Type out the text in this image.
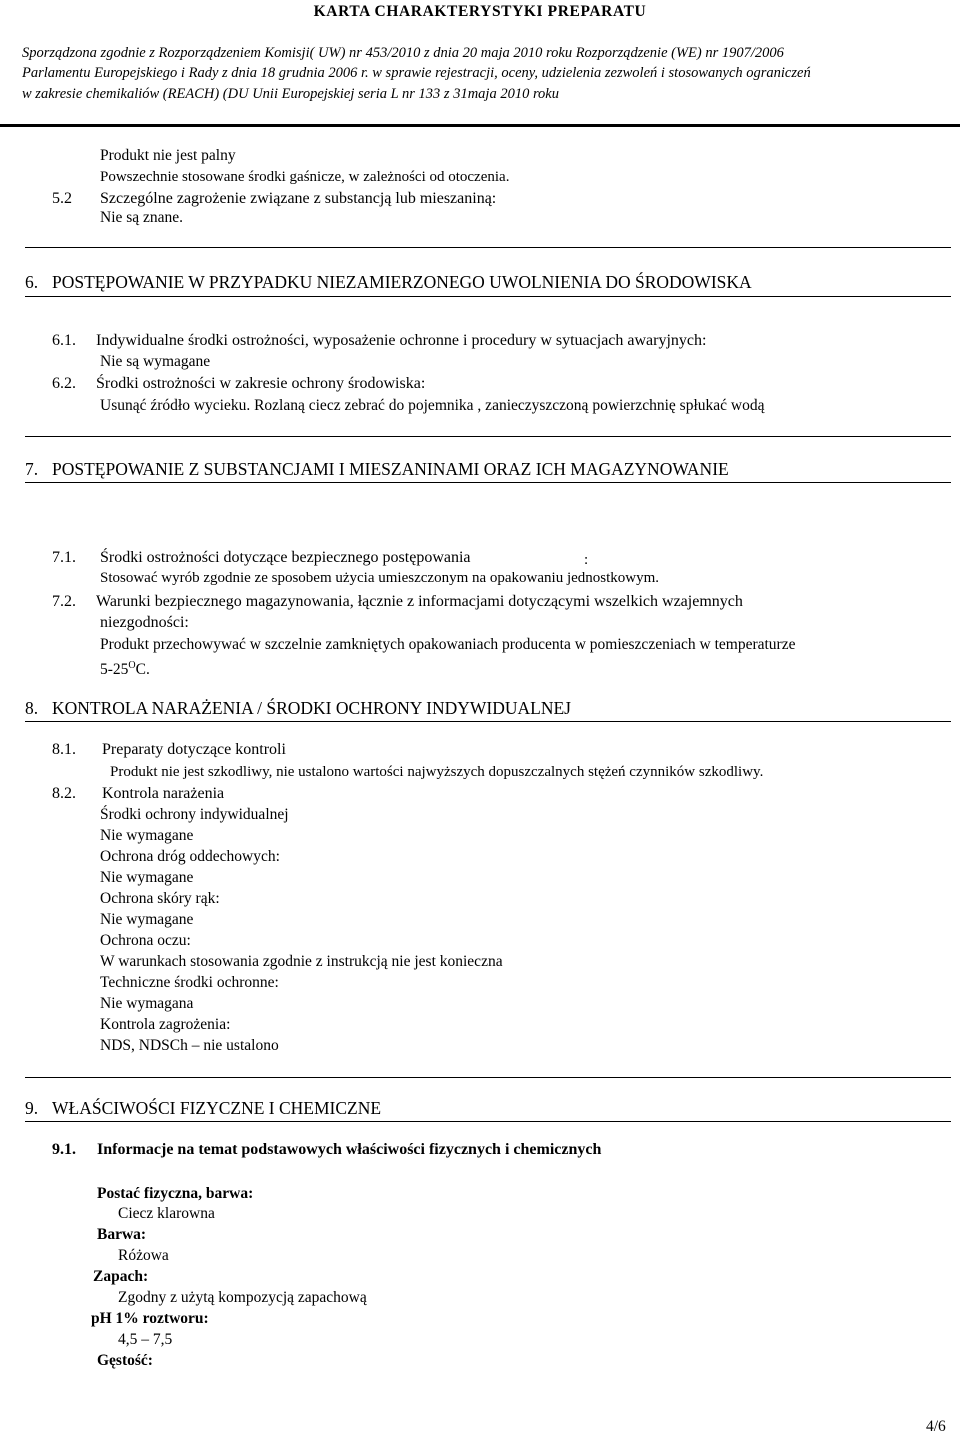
KARTA CHARAKTERYSTYKI PREPARATU
Sporządzona zgodnie z Rozporządzeniem Komisji( UW) nr 453/2010 z dnia 20 maja 2010 roku Rozporządzenie (WE) nr 1907/2006
Parlamentu Europejskiego i Rady z dnia 18 grudnia 2006 r. w sprawie rejestracji, oceny, udzielenia zezwoleń i stosowanych ograniczeń
w zakresie chemikaliów (REACH) (DU Unii Europejskiej seria L nr 133 z 31maja 2010 roku
Produkt nie jest palny
Powszechnie stosowane środki gaśnicze, w zależności od otoczenia.
5.2 Szczególne zagrożenie związane z substancją lub mieszaniną:
Nie są znane.
6. POSTĘPOWANIE W PRZYPADKU NIEZAMIERZONEGO UWOLNIENIA DO ŚRODOWISKA
6.1. Indywidualne środki ostrożności, wyposażenie ochronne i procedury w sytuacjach awaryjnych:
Nie są wymagane
6.2. Środki ostrożności w zakresie ochrony środowiska:
Usunąć źródło wycieku. Rozlaną ciecz zebrać do pojemnika , zanieczyszczoną powierzchnię spłukać wodą
7. POSTĘPOWANIE Z SUBSTANCJAMI I MIESZANINAMI ORAZ ICH MAGAZYNOWANIE
7.1. Środki ostrożności dotyczące bezpiecznego postępowania	:
Stosować wyrób zgodnie ze sposobem użycia umieszczonym na opakowaniu jednostkowym.
7.2. Warunki bezpiecznego magazynowania, łącznie z informacjami dotyczącymi wszelkich wzajemnych
niezgodności:
Produkt przechowywać w szczelnie zamkniętych opakowaniach producenta w pomieszczeniach w temperaturze
$5-25^OC$.
8. KONTROLA NARAŻENIA / ŚRODKI OCHRONY INDYWIDUALNEJ
8.1. Preparaty dotyczące kontroli
Produkt nie jest szkodliwy, nie ustalono wartości najwyższych dopuszczalnych stężeń czynników szkodliwy.
8.2. Kontrola narażenia
Środki ochrony indywidualnej
Nie wymagane
Ochrona dróg oddechowych:
Nie wymagane
Ochrona skóry rąk:
Nie wymagane
Ochrona oczu:
W warunkach stosowania zgodnie z instrukcją nie jest konieczna
Techniczne środki ochronne:
Nie wymagana
Kontrola zagrożenia:
NDS, NDSCh – nie ustalono
9. WŁAŚCIWOŚCI FIZYCZNE I CHEMICZNE
9.1. Informacje na temat podstawowych właściwości fizycznych i chemicznych
Postać fizyczna, barwa:
Ciecz klarowna
Barwa:
Różowa
Zapach:
Zgodny z użytą kompozycją zapachową
pH 1% roztworu:
4,5 – 7,5
Gęstość:
4/6
